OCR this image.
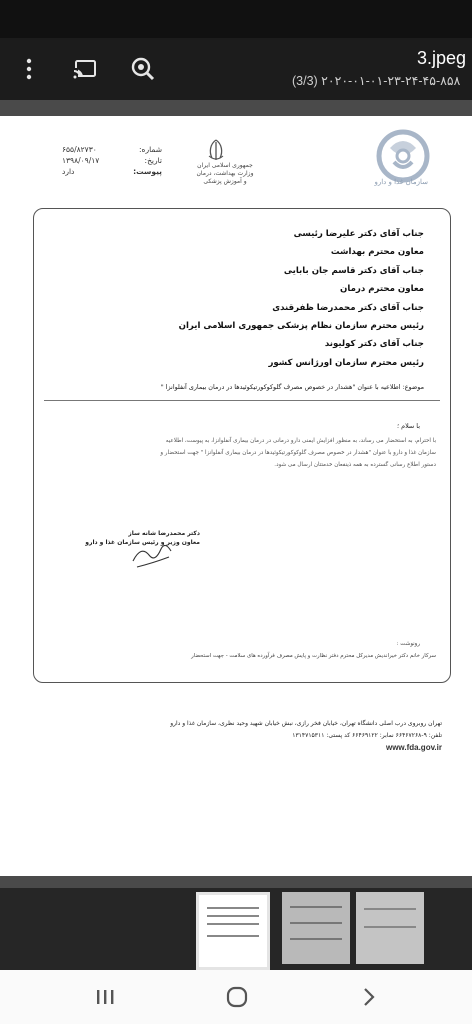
3.jpeg
(3/3) ۲۰۲۰-۰۱-۰۱-۲۳-۲۴-۴۵-۸۵۸
سازمان غذا و دارو
جمهوری اسلامی ایران
وزارت بهداشت، درمان
و آموزش پزشکی
شماره:
۶۵۵/۸۲۷۳۰
تاریخ:
۱۳۹۸/۰۹/۱۷
پیوست:
دارد
جناب آقای دکتر علیرضا رئیسی
معاون محترم بهداشت
جناب آقای دکتر قاسم جان بابایی
معاون محترم درمان
جناب آقای دکتر محمدرضا ظفرقندی
رئیس محترم سازمان نظام پزشکی جمهوری اسلامی ایران
جناب آقای دکتر کولیوند
رئیس محترم سازمان اورژانس کشور
موضوع: اطلاعیه با عنوان "هشدار در خصوص مصرف گلوکوکورتیکوئیدها در درمان بیماری آنفلوانزا "
با سلام ؛
با احترام، به استحضار می رساند، به منظور افزایش ایمنی دارو درمانی در درمان بیماری آنفلوانزا، به پیوست، اطلاعیه
سازمان غذا و دارو با عنوان "هشدار در خصوص مصرف گلوکوکورتیکوئیدها در درمان بیماری آنفلوانزا " جهت استحضار و
دستور اطلاع رسانی گسترده به همه ذینفعان خدمتتان ارسال می شود.
دکتر محمدرضا شانه ساز
معاون وزیر و رئیس سازمان غذا و دارو
رونوشت :
سرکار خانم دکتر خیراندیش مدیرکل محترم دفتر نظارت و پایش مصرف فرآورده های سلامت - جهت استحضار
تهران روبروی درب اصلی دانشگاه تهران، خیابان فخر رازی، نبش خیابان شهید وحید نظری، سازمان غذا و دارو
تلفن: ۹-۶۶۴۶۷۲۶۸ نمابر: ۶۶۴۶۹۱۲۲ کد پستی: ۱۳۱۴۷۱۵۳۱۱
www.fda.gov.ir
